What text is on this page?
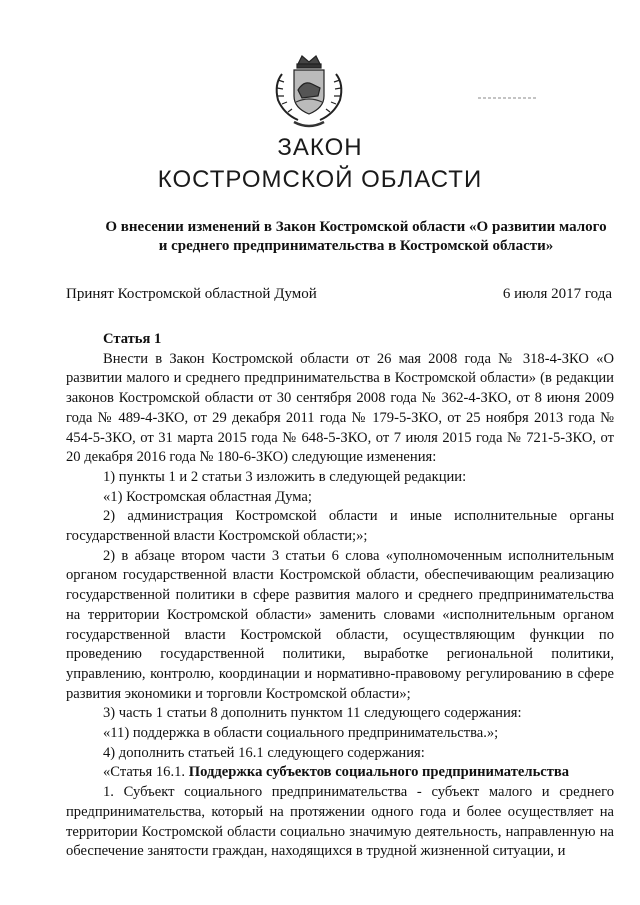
ЗАКОН
КОСТРОМСКОЙ ОБЛАСТИ
О внесении изменений в Закон Костромской области «О развитии малого
и среднего предпринимательства в Костромской области»
Принят Костромской областной Думой	6 июля 2017 года

Статья 1

Внести в Закон Костромской области от 26 мая 2008 года № 318-4-ЗКО «О развитии малого и среднего предпринимательства в Костромской области» (в редакции законов Костромской области от 30 сентября 2008 года № 362-4-ЗКО, от 8 июня 2009 года № 489-4-ЗКО, от 29 декабря 2011 года № 179-5-ЗКО, от 25 ноября 2013 года № 454-5-ЗКО, от 31 марта 2015 года № 648-5-ЗКО, от 7 июля 2015 года № 721-5-ЗКО, от 20 декабря 2016 года № 180-6-ЗКО) следующие изменения:

1) пункты 1 и 2 статьи 3 изложить в следующей редакции:

«1) Костромская областная Дума;

2) администрация Костромской области и иные исполнительные органы государственной власти Костромской области;»;

2) в абзаце втором части 3 статьи 6 слова «уполномоченным исполнительным органом государственной власти Костромской области, обеспечивающим реализацию государственной политики в сфере развития малого и среднего предпринимательства на территории Костромской области» заменить словами «исполнительным органом государственной власти Костромской области, осуществляющим функции по проведению государственной политики, выработке региональной политики, управлению, контролю, координации и нормативно-правовому регулированию в сфере развития экономики и торговли Костромской области»;

3) часть 1 статьи 8 дополнить пунктом 11 следующего содержания:

«11) поддержка в области социального предпринимательства.»;

4) дополнить статьей 16.1 следующего содержания:

«Статья 16.1. Поддержка субъектов социального предпринимательства

1. Субъект социального предпринимательства - субъект малого и среднего предпринимательства, который на протяжении одного года и более осуществляет на территории Костромской области социально значимую деятельность, направленную на обеспечение занятости граждан, находящихся в трудной жизненной ситуации, и
